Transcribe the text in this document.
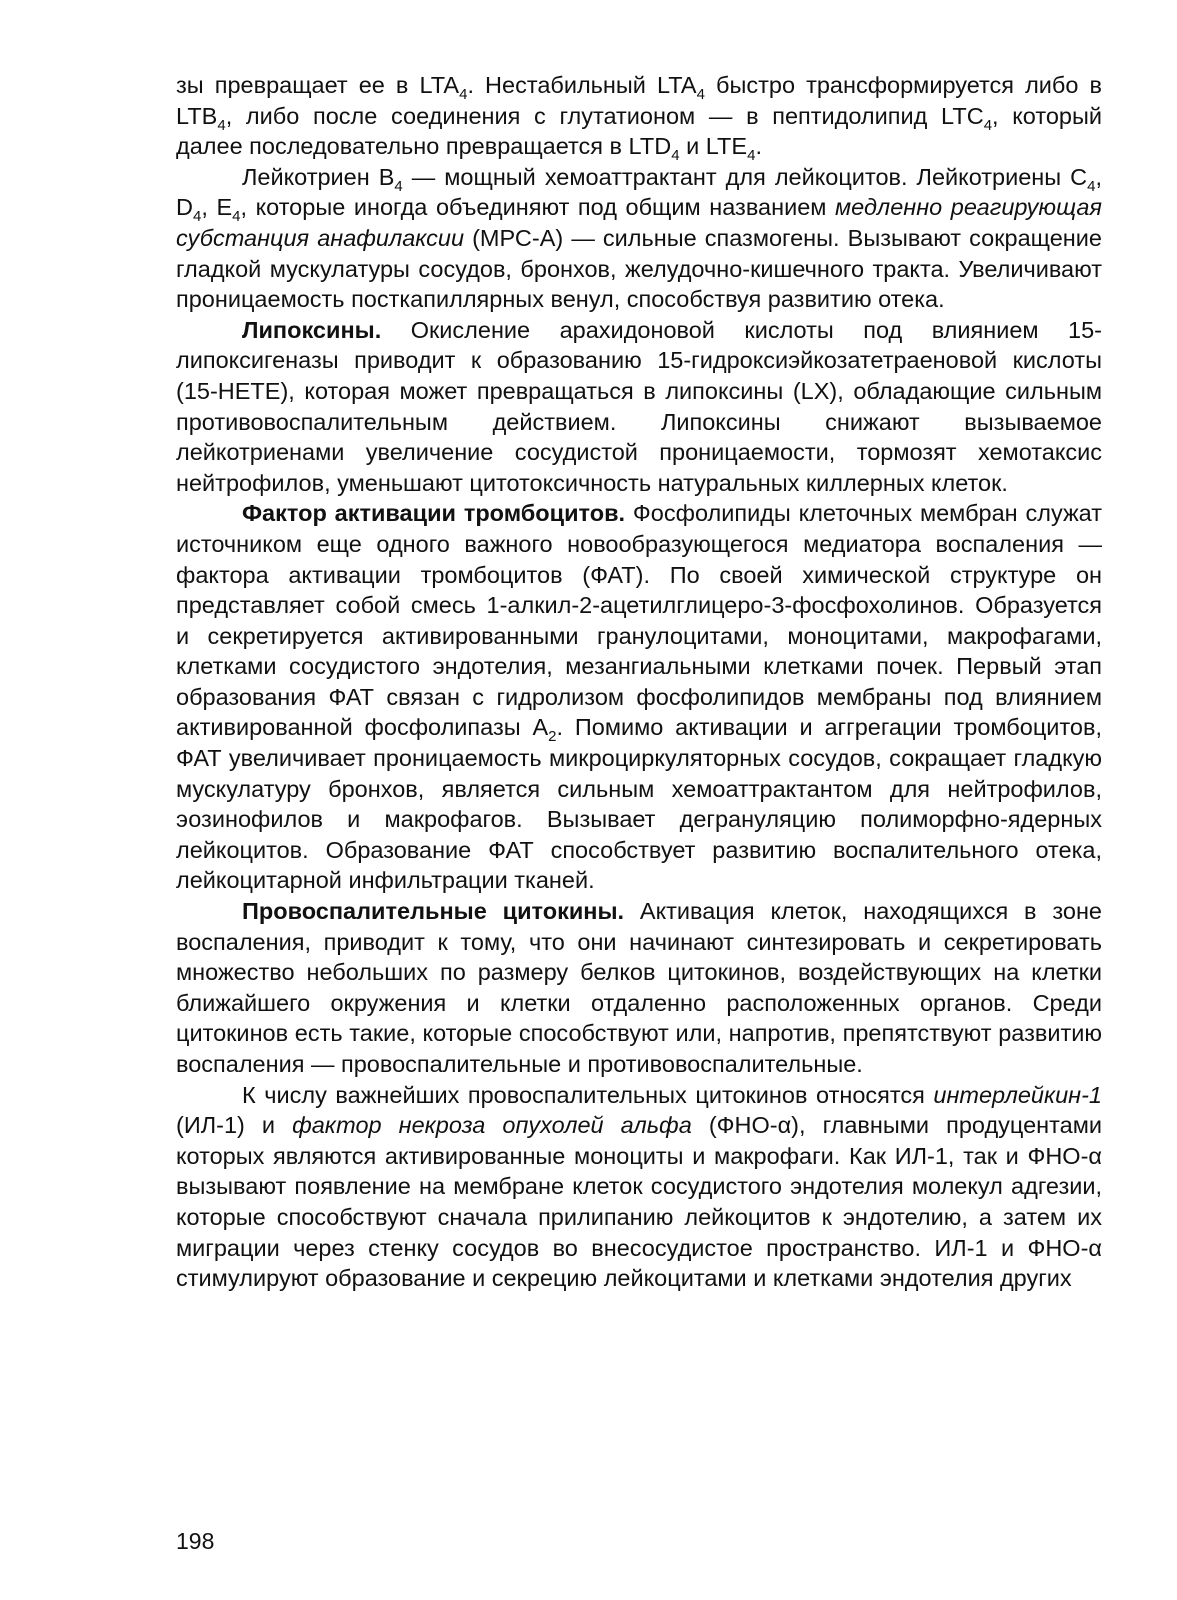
зы превращает ее в $LTA_4$. Нестабильный $LTA_4$ быстро трансформируется либо в $LTB_4$, либо после соединения с глутатионом — в пептидолипид $LTC_4$, который далее последовательно превращается в $LTD_4$ и $LTE_4$.

Лейкотриен $B_4$ — мощный хемоаттрактант для лейкоцитов. Лейкотриены $C_4$, $D_4$, $E_4$, которые иногда объединяют под общим названием медленно реагирующая субстанция анафилаксии (МРС-А) — сильные спазмогены. Вызывают сокращение гладкой мускулатуры сосудов, бронхов, желудочно-кишечного тракта. Увеличивают проницаемость посткапиллярных венул, способствуя развитию отека.

Липоксины. Окисление арахидоновой кислоты под влиянием 15-липоксигеназы приводит к образованию 15-гидроксиэйкозатетраеновой кислоты (15-HETE), которая может превращаться в липоксины (LX), обладающие сильным противовоспалительным действием. Липоксины снижают вызываемое лейкотриенами увеличение сосудистой проницаемости, тормозят хемотаксис нейтрофилов, уменьшают цитотоксичность натуральных киллерных клеток.

Фактор активации тромбоцитов. Фосфолипиды клеточных мембран служат источником еще одного важного новообразующегося медиатора воспаления — фактора активации тромбоцитов (ФАТ). По своей химической структуре он представляет собой смесь 1-алкил-2-ацетилглицеро-3-фосфохолинов. Образуется и секретируется активированными гранулоцитами, моноцитами, макрофагами, клетками сосудистого эндотелия, мезангиальными клетками почек. Первый этап образования ФАТ связан с гидролизом фосфолипидов мембраны под влиянием активированной фосфолипазы $A_2$. Помимо активации и аггрегации тромбоцитов, ФАТ увеличивает проницаемость микроциркуляторных сосудов, сокращает гладкую мускулатуру бронхов, является сильным хемоаттрактантом для нейтрофилов, эозинофилов и макрофагов. Вызывает дегрануляцию полиморфно-ядерных лейкоцитов. Образование ФАТ способствует развитию воспалительного отека, лейкоцитарной инфильтрации тканей.

Провоспалительные цитокины. Активация клеток, находящихся в зоне воспаления, приводит к тому, что они начинают синтезировать и секретировать множество небольших по размеру белков цитокинов, воздействующих на клетки ближайшего окружения и клетки отдаленно расположенных органов. Среди цитокинов есть такие, которые способствуют или, напротив, препятствуют развитию воспаления — провоспалительные и противовоспалительные.

К числу важнейших провоспалительных цитокинов относятся интерлейкин-1 (ИЛ-1) и фактор некроза опухолей альфа (ФНО-α), главными продуцентами которых являются активированные моноциты и макрофаги. Как ИЛ-1, так и ФНО-α вызывают появление на мембране клеток сосудистого эндотелия молекул адгезии, которые способствуют сначала прилипанию лейкоцитов к эндотелию, а затем их миграции через стенку сосудов во внесосудистое пространство. ИЛ-1 и ФНО-α стимулируют образование и секрецию лейкоцитами и клетками эндотелия других

198
